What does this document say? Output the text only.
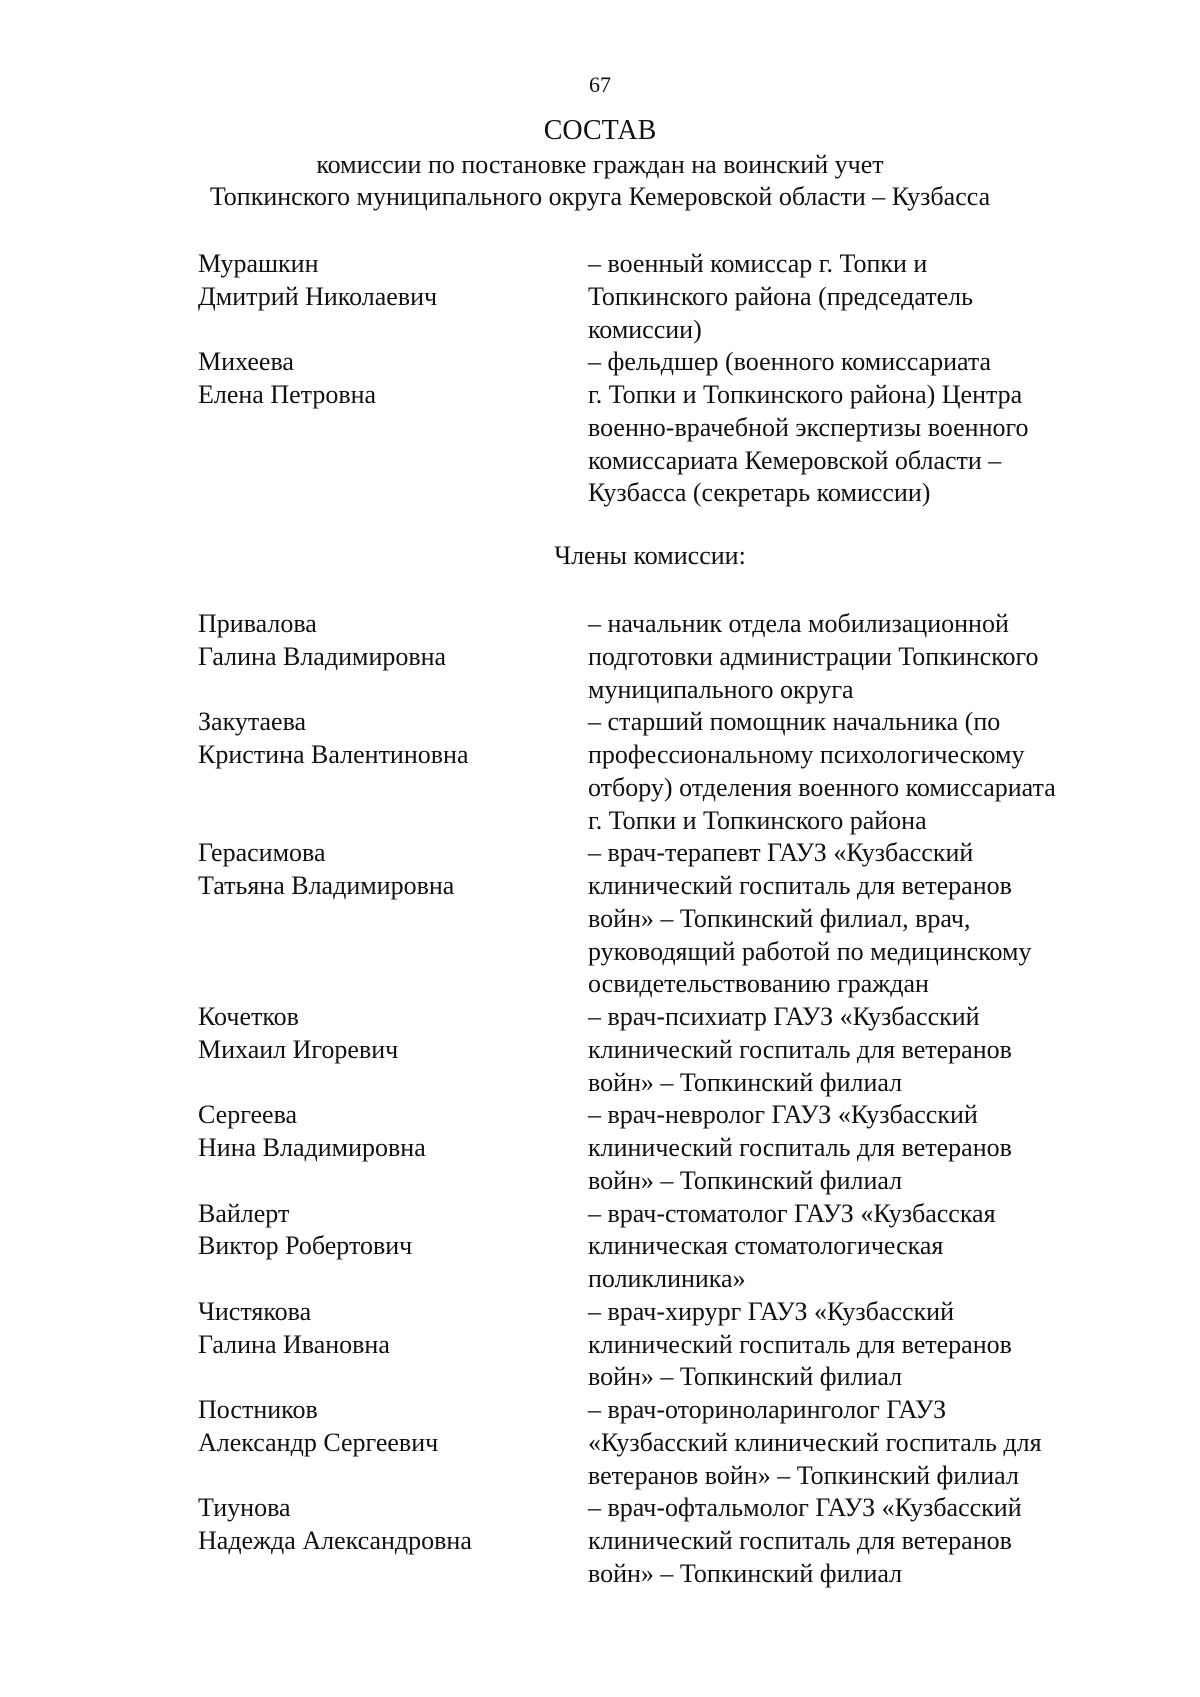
67
СОСТАВ
комиссии по постановке граждан на воинский учет
Топкинского муниципального округа Кемеровской области – Кузбасса
Мурашкин
Дмитрий Николаевич
– военный комиссар г. Топки и
Топкинского района (председатель
комиссии)
Михеева
Елена Петровна
– фельдшер (военного комиссариата
г. Топки и Топкинского района) Центра
военно-врачебной экспертизы военного
комиссариата Кемеровской области –
Кузбасса (секретарь комиссии)
Члены комиссии:
Привалова
Галина Владимировна
– начальник отдела мобилизационной
подготовки администрации Топкинского
муниципального округа
Закутаева
Кристина Валентиновна
– старший помощник начальника (по
профессиональному психологическому
отбору) отделения военного комиссариата
г. Топки и Топкинского района
Герасимова
Татьяна Владимировна
– врач-терапевт ГАУЗ «Кузбасский
клинический госпиталь для ветеранов
войн» – Топкинский филиал, врач,
руководящий работой по медицинскому
освидетельствованию граждан
Кочетков
Михаил Игоревич
– врач-психиатр ГАУЗ «Кузбасский
клинический госпиталь для ветеранов
войн» – Топкинский филиал
Сергеева
Нина Владимировна
– врач-невролог ГАУЗ «Кузбасский
клинический госпиталь для ветеранов
войн» – Топкинский филиал
Вайлерт
Виктор Робертович
– врач-стоматолог ГАУЗ «Кузбасская
клиническая стоматологическая
поликлиника»
Чистякова
Галина Ивановна
– врач-хирург ГАУЗ «Кузбасский
клинический госпиталь для ветеранов
войн» – Топкинский филиал
Постников
Александр Сергеевич
– врач-оториноларинголог ГАУЗ
«Кузбасский клинический госпиталь для
ветеранов войн» – Топкинский филиал
Тиунова
Надежда Александровна
– врач-офтальмолог ГАУЗ «Кузбасский
клинический госпиталь для ветеранов
войн» – Топкинский филиал
